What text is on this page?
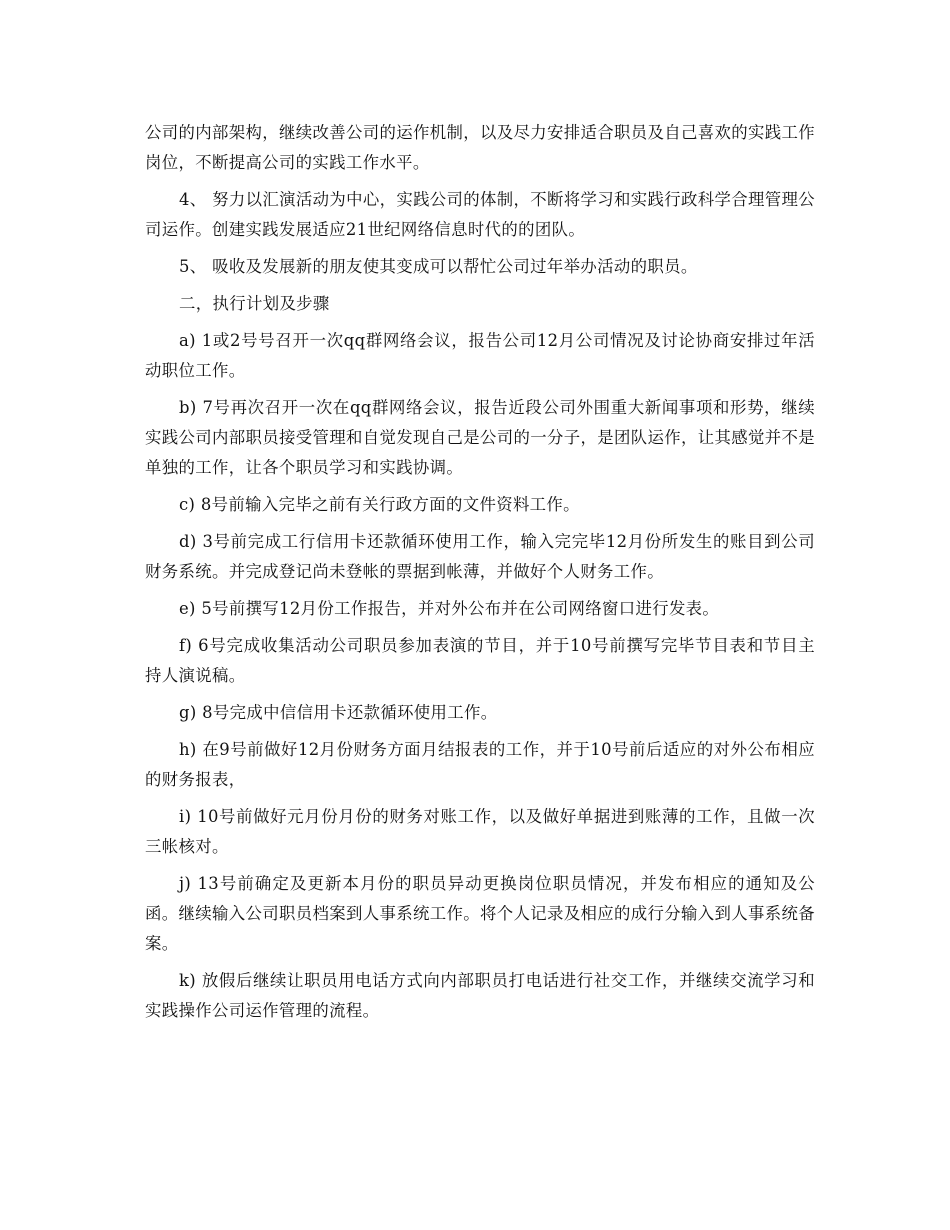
公司的内部架构，继续改善公司的运作机制，以及尽力安排适合职员及自己喜欢的实践工作岗位，不断提高公司的实践工作水平。

4、 努力以汇演活动为中心，实践公司的体制，不断将学习和实践行政科学合理管理公司运作。创建实践发展适应21世纪网络信息时代的的团队。

5、 吸收及发展新的朋友使其变成可以帮忙公司过年举办活动的职员。

二，执行计划及步骤

a) 1或2号号召开一次qq群网络会议，报告公司12月公司情况及讨论协商安排过年活动职位工作。

b) 7号再次召开一次在qq群网络会议，报告近段公司外围重大新闻事项和形势，继续实践公司内部职员接受管理和自觉发现自己是公司的一分子，是团队运作，让其感觉并不是单独的工作，让各个职员学习和实践协调。

c) 8号前输入完毕之前有关行政方面的文件资料工作。

d) 3号前完成工行信用卡还款循环使用工作，输入完完毕12月份所发生的账目到公司财务系统。并完成登记尚未登帐的票据到帐薄，并做好个人财务工作。

e) 5号前撰写12月份工作报告，并对外公布并在公司网络窗口进行发表。

f) 6号完成收集活动公司职员参加表演的节目，并于10号前撰写完毕节目表和节目主持人演说稿。

g) 8号完成中信信用卡还款循环使用工作。

h) 在9号前做好12月份财务方面月结报表的工作，并于10号前后适应的对外公布相应的财务报表，

i) 10号前做好元月份月份的财务对账工作，以及做好单据进到账薄的工作，且做一次三帐核对。

j) 13号前确定及更新本月份的职员异动更换岗位职员情况，并发布相应的通知及公函。继续输入公司职员档案到人事系统工作。将个人记录及相应的成行分输入到人事系统备案。

k) 放假后继续让职员用电话方式向内部职员打电话进行社交工作，并继续交流学习和实践操作公司运作管理的流程。
